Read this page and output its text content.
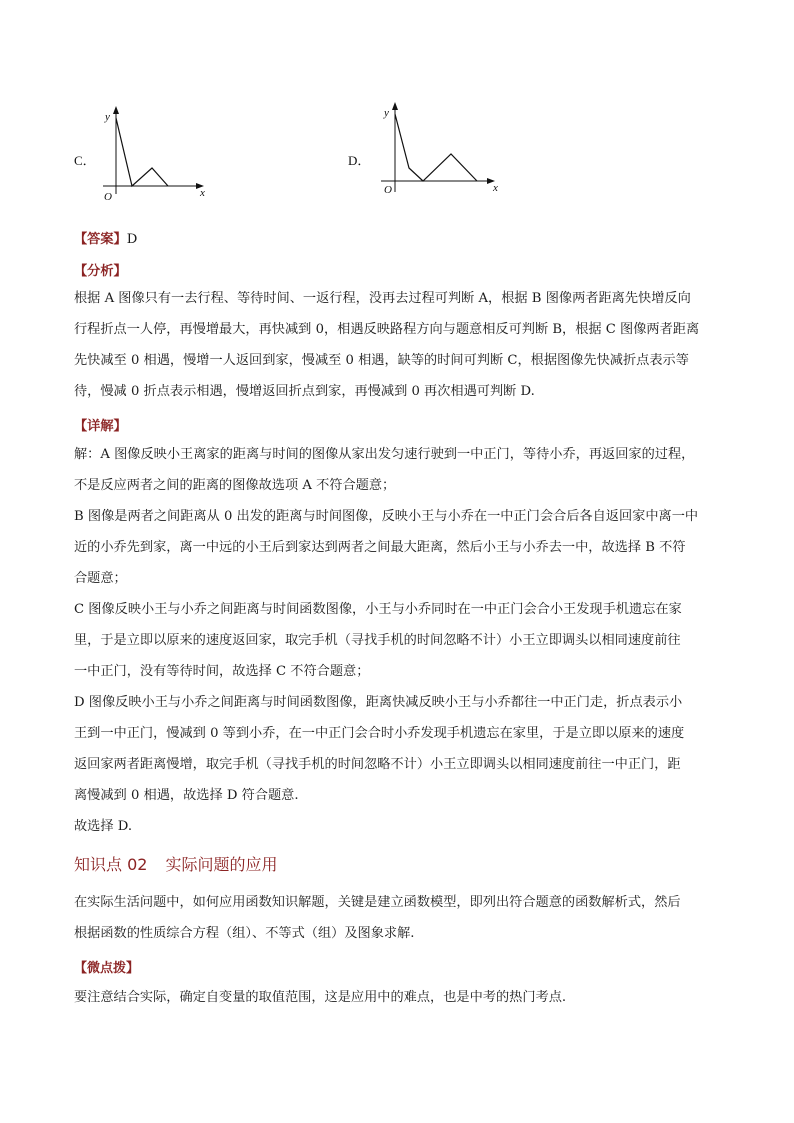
C．
y
x
O
D．
y
x
O
【答案】D
【分析】
根据 A 图像只有一去行程、等待时间、一返行程，没再去过程可判断 A，根据 B 图像两者距离先快增反向
行程折点一人停，再慢增最大，再快减到 0，相遇反映路程方向与题意相反可判断 B，根据 C 图像两者距离
先快减至 0 相遇，慢增一人返回到家，慢减至 0 相遇，缺等的时间可判断 C，根据图像先快减折点表示等
待，慢减 0 折点表示相遇，慢增返回折点到家，再慢减到 0 再次相遇可判断 D.
【详解】
解：A 图像反映小王离家的距离与时间的图像从家出发匀速行驶到一中正门，等待小乔，再返回家的过程，
不是反应两者之间的距离的图像故选项 A 不符合题意；
B 图像是两者之间距离从 0 出发的距离与时间图像，反映小王与小乔在一中正门会合后各自返回家中离一中
近的小乔先到家，离一中远的小王后到家达到两者之间最大距离，然后小王与小乔去一中，故选择 B 不符
合题意；
C 图像反映小王与小乔之间距离与时间函数图像，小王与小乔同时在一中正门会合小王发现手机遗忘在家
里，于是立即以原来的速度返回家，取完手机（寻找手机的时间忽略不计）小王立即调头以相同速度前往
一中正门，没有等待时间，故选择 C 不符合题意；
D 图像反映小王与小乔之间距离与时间函数图像，距离快减反映小王与小乔都往一中正门走，折点表示小
王到一中正门，慢减到 0 等到小乔，在一中正门会合时小乔发现手机遗忘在家里，于是立即以原来的速度
返回家两者距离慢增，取完手机（寻找手机的时间忽略不计）小王立即调头以相同速度前往一中正门，距
离慢减到 0 相遇，故选择 D 符合题意.
故选择 D.
知识点 02 实际问题的应用
在实际生活问题中，如何应用函数知识解题，关键是建立函数模型，即列出符合题意的函数解析式，然后
根据函数的性质综合方程（组）、不等式（组）及图象求解.
【微点拨】
要注意结合实际，确定自变量的取值范围，这是应用中的难点，也是中考的热门考点.
